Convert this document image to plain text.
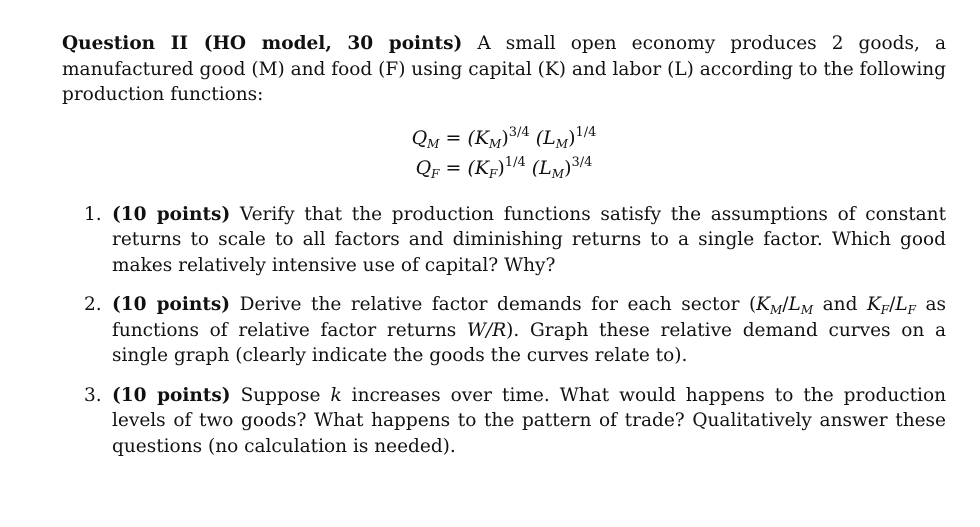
Question II (HO model, 30 points) A small open economy produces 2 goods, a manufactured good (M) and food (F) using capital (K) and labor (L) according to the following production functions:

$Q_M = (K_M)^{3/4}$ $(L_M)^{1/4}$
$Q_F = (K_F)^{1/4}$ $(L_M)^{3/4}$
1. (10 points) Verify that the production functions satisfy the assumptions of constant returns to scale to all factors and diminishing returns to a single factor. Which good makes relatively intensive use of capital? Why?
2. (10 points) Derive the relative factor demands for each sector ($K_M/L_M$ and $K_F/L_F$ as functions of relative factor returns W/R). Graph these relative demand curves on a single graph (clearly indicate the goods the curves relate to).
3. (10 points) Suppose k increases over time. What would happens to the production levels of two goods? What happens to the pattern of trade? Qualitatively answer these questions (no calculation is needed).
